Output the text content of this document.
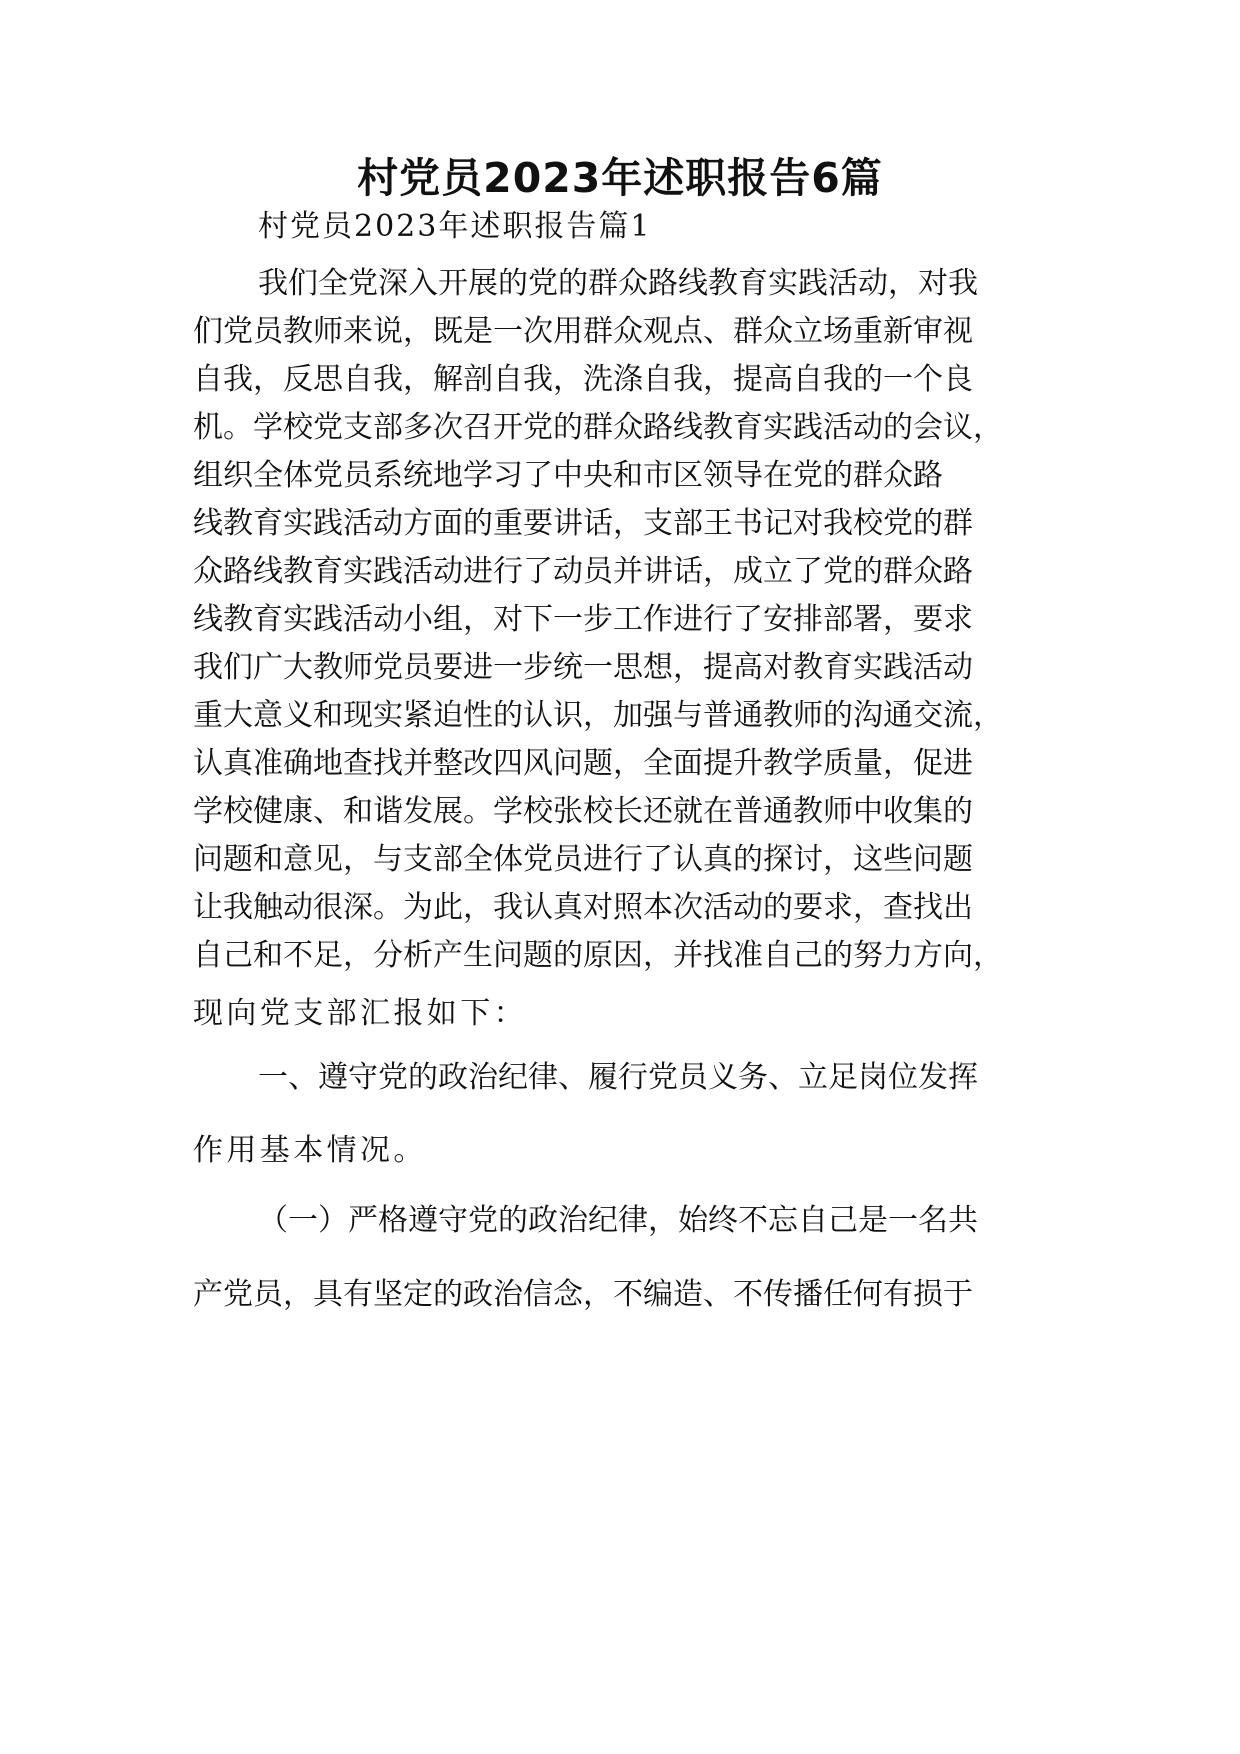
村党员2023年述职报告6篇
村党员2023年述职报告篇1
我们全党深入开展的党的群众路线教育实践活动，对我
们党员教师来说，既是一次用群众观点、群众立场重新审视
自我，反思自我，解剖自我，洗涤自我，提高自我的一个良
机。学校党支部多次召开党的群众路线教育实践活动的会议，
组织全体党员系统地学习了中央和市区领导在党的群众路
线教育实践活动方面的重要讲话，支部王书记对我校党的群
众路线教育实践活动进行了动员并讲话，成立了党的群众路
线教育实践活动小组，对下一步工作进行了安排部署，要求
我们广大教师党员要进一步统一思想，提高对教育实践活动
重大意义和现实紧迫性的认识，加强与普通教师的沟通交流，
认真准确地查找并整改四风问题，全面提升教学质量，促进
学校健康、和谐发展。学校张校长还就在普通教师中收集的
问题和意见，与支部全体党员进行了认真的探讨，这些问题
让我触动很深。为此，我认真对照本次活动的要求，查找出
自己和不足，分析产生问题的原因，并找准自己的努力方向，
现向党支部汇报如下：
一、遵守党的政治纪律、履行党员义务、立足岗位发挥
作用基本情况。
（一）严格遵守党的政治纪律，始终不忘自己是一名共
产党员，具有坚定的政治信念，不编造、不传播任何有损于
